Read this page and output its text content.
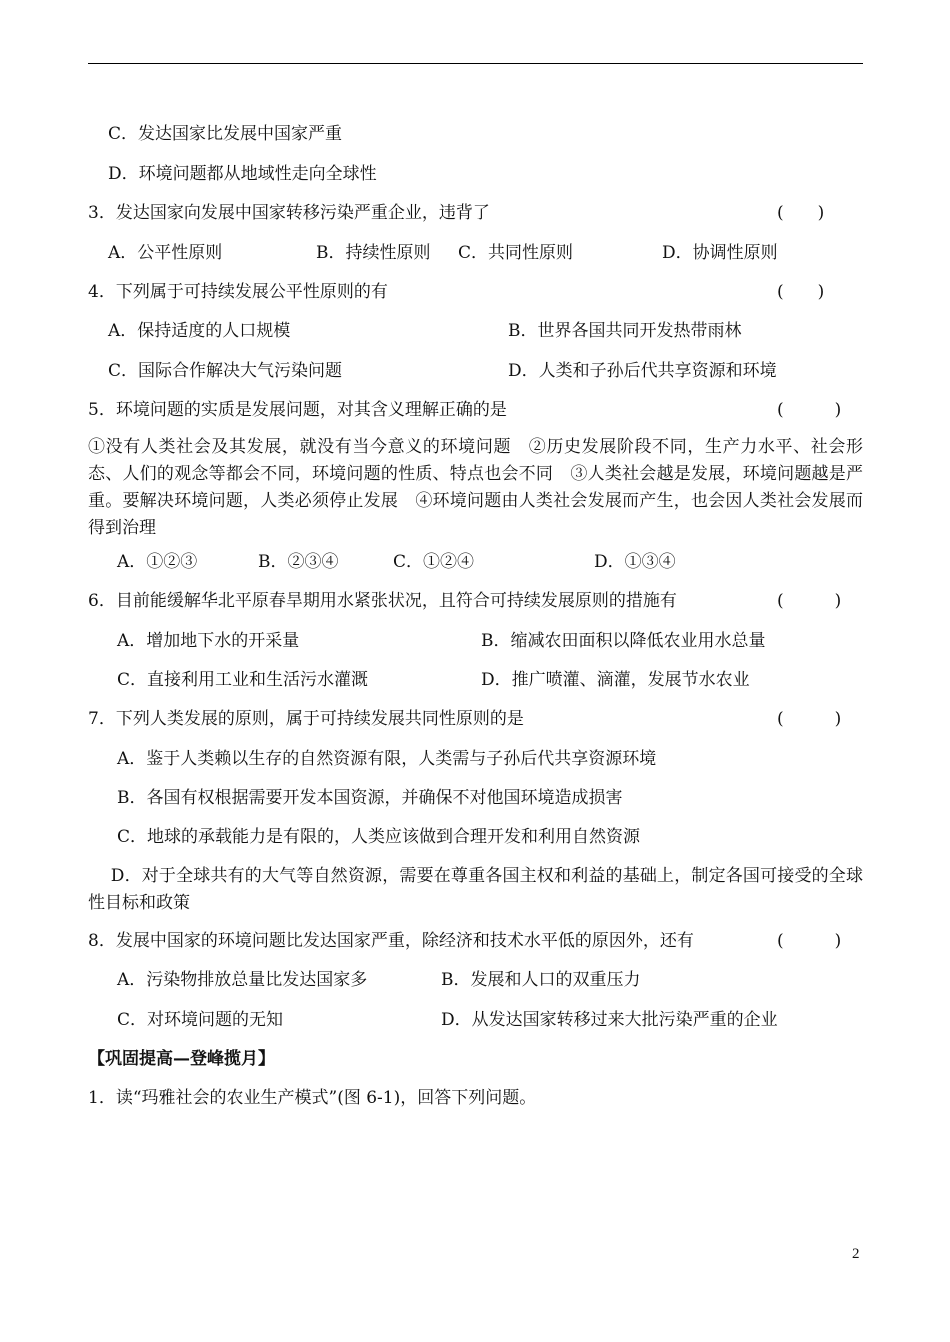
C．发达国家比发展中国家严重
D．环境问题都从地域性走向全球性
3．发达国家向发展中国家转移污染严重企业，违背了	(　　)
A．公平性原则	B．持续性原则 C．共同性原则	D．协调性原则
4．下列属于可持续发展公平性原则的有	(　　)
A．保持适度的人口规模	B．世界各国共同开发热带雨林
C．国际合作解决大气污染问题	D．人类和子孙后代共享资源和环境
5．环境问题的实质是发展问题，对其含义理解正确的是	(　　　)
①没有人类社会及其发展，就没有当今意义的环境问题　②历史发展阶段不同，生产力水平、社会形态、人们的观念等都会不同，环境问题的性质、特点也会不同　③人类社会越是发展，环境问题越是严重。要解决环境问题，人类必须停止发展　④环境问题由人类社会发展而产生，也会因人类社会发展而得到治理
A．①②③	B．②③④	C．①②④	D．①③④
6．目前能缓解华北平原春旱期用水紧张状况，且符合可持续发展原则的措施有	(　　　)
A．增加地下水的开采量	B．缩减农田面积以降低农业用水总量
C．直接利用工业和生活污水灌溉	D．推广喷灌、滴灌，发展节水农业
7．下列人类发展的原则，属于可持续发展共同性原则的是	(　　　)
A．鉴于人类赖以生存的自然资源有限，人类需与子孙后代共享资源环境
B．各国有权根据需要开发本国资源，并确保不对他国环境造成损害
C．地球的承载能力是有限的，人类应该做到合理开发和利用自然资源
　 D．对于全球共有的大气等自然资源，需要在尊重各国主权和利益的基础上，制定各国可接受的全球性目标和政策
8．发展中国家的环境问题比发达国家严重，除经济和技术水平低的原因外，还有	(　　　)
A．污染物排放总量比发达国家多	B．发展和人口的双重压力
C．对环境问题的无知	D．从发达国家转移过来大批污染严重的企业
【巩固提高—登峰揽月】
1．读“玛雅社会的农业生产模式”(图 6-1)，回答下列问题。
2
